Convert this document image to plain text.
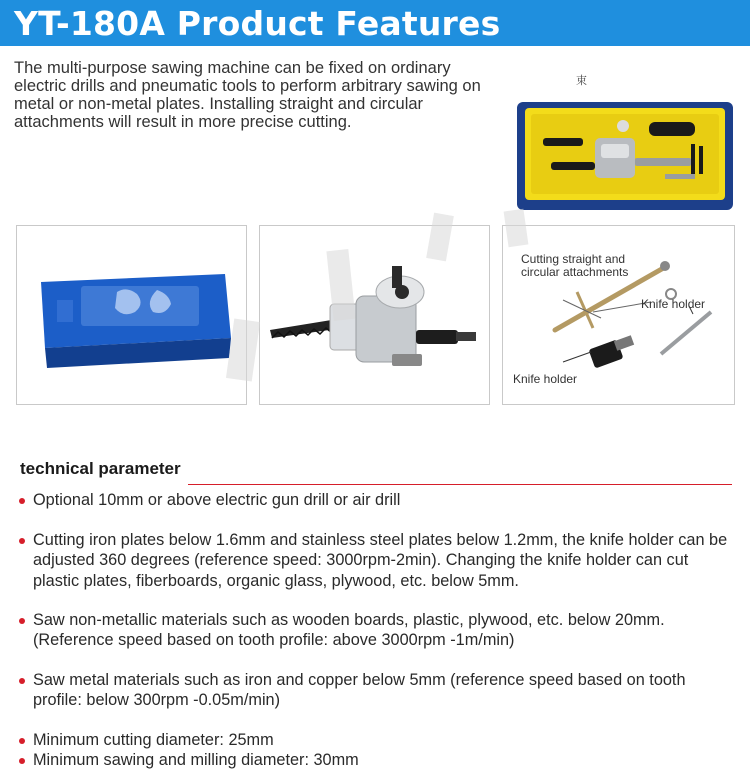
YT-180A Product Features
The multi-purpose sawing machine can be fixed on ordinary electric drills and pneumatic tools to perform arbitrary sawing on metal or non-metal plates. Installing straight and circular attachments will result in more precise cutting.
束
Cutting straight and circular attachments
Knife holder
Knife holder
technical parameter
Optional 10mm or above electric gun drill or air drill
Cutting iron plates below 1.6mm and stainless steel plates below 1.2mm, the knife holder can be adjusted 360 degrees (reference speed: 3000rpm-2min). Changing the knife holder can cut plastic plates, fiberboards, organic glass, plywood, etc. below 5mm.
Saw non-metallic materials such as wooden boards, plastic, plywood, etc. below 20mm. (Reference speed based on tooth profile: above 3000rpm -1m/min)
Saw metal materials such as iron and copper below 5mm (reference speed based on tooth profile: below 300rpm -0.05m/min)
Minimum cutting diameter: 25mm
Minimum sawing and milling diameter: 30mm
